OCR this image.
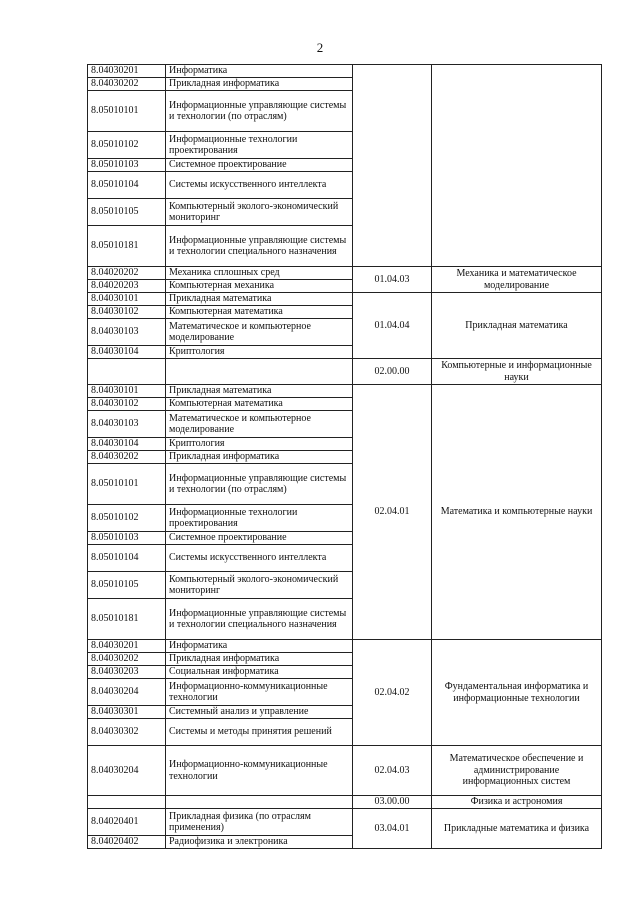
2
8.04030201	Информатика		
8.04030202	Прикладная информатика		
8.05010101	Информационные управляющие системы и технологии (по отраслям)		
8.05010102	Информационные технологии проектирования		
8.05010103	Системное проектирование		
8.05010104	Системы искусственного интеллекта		
8.05010105	Компьютерный эколого-экономический мониторинг		
8.05010181	Информационные управляющие системы и технологии специального назначения		
8.04020202	Механика сплошных сред	01.04.03	Механика и математическое моделирование
8.04020203	Компьютерная механика		
8.04030101	Прикладная математика	01.04.04	Прикладная математика
8.04030102	Компьютерная математика		
8.04030103	Математическое и компьютерное моделирование		
8.04030104	Криптология		
		02.00.00	Компьютерные и информационные науки
8.04030101	Прикладная математика	02.04.01	Математика и компьютерные науки
8.04030102	Компьютерная математика		
8.04030103	Математическое и компьютерное моделирование		
8.04030104	Криптология		
8.04030202	Прикладная информатика		
8.05010101	Информационные управляющие системы и технологии (по отраслям)		
8.05010102	Информационные технологии проектирования		
8.05010103	Системное проектирование		
8.05010104	Системы искусственного интеллекта		
8.05010105	Компьютерный эколого-экономический мониторинг		
8.05010181	Информационные управляющие системы и технологии специального назначения		
8.04030201	Информатика	02.04.02	Фундаментальная информатика и информационные технологии
8.04030202	Прикладная информатика		
8.04030203	Социальная информатика		
8.04030204	Информационно-коммуникационные технологии		
8.04030301	Системный анализ и управление		
8.04030302	Системы и методы принятия решений		
8.04030204	Информационно-коммуникационные технологии	02.04.03	Математическое обеспечение и администрирование информационных систем
		03.00.00	Физика и астрономия
8.04020401	Прикладная физика (по отраслям применения)	03.04.01	Прикладные математика и физика
8.04020402	Радиофизика и электроника		
